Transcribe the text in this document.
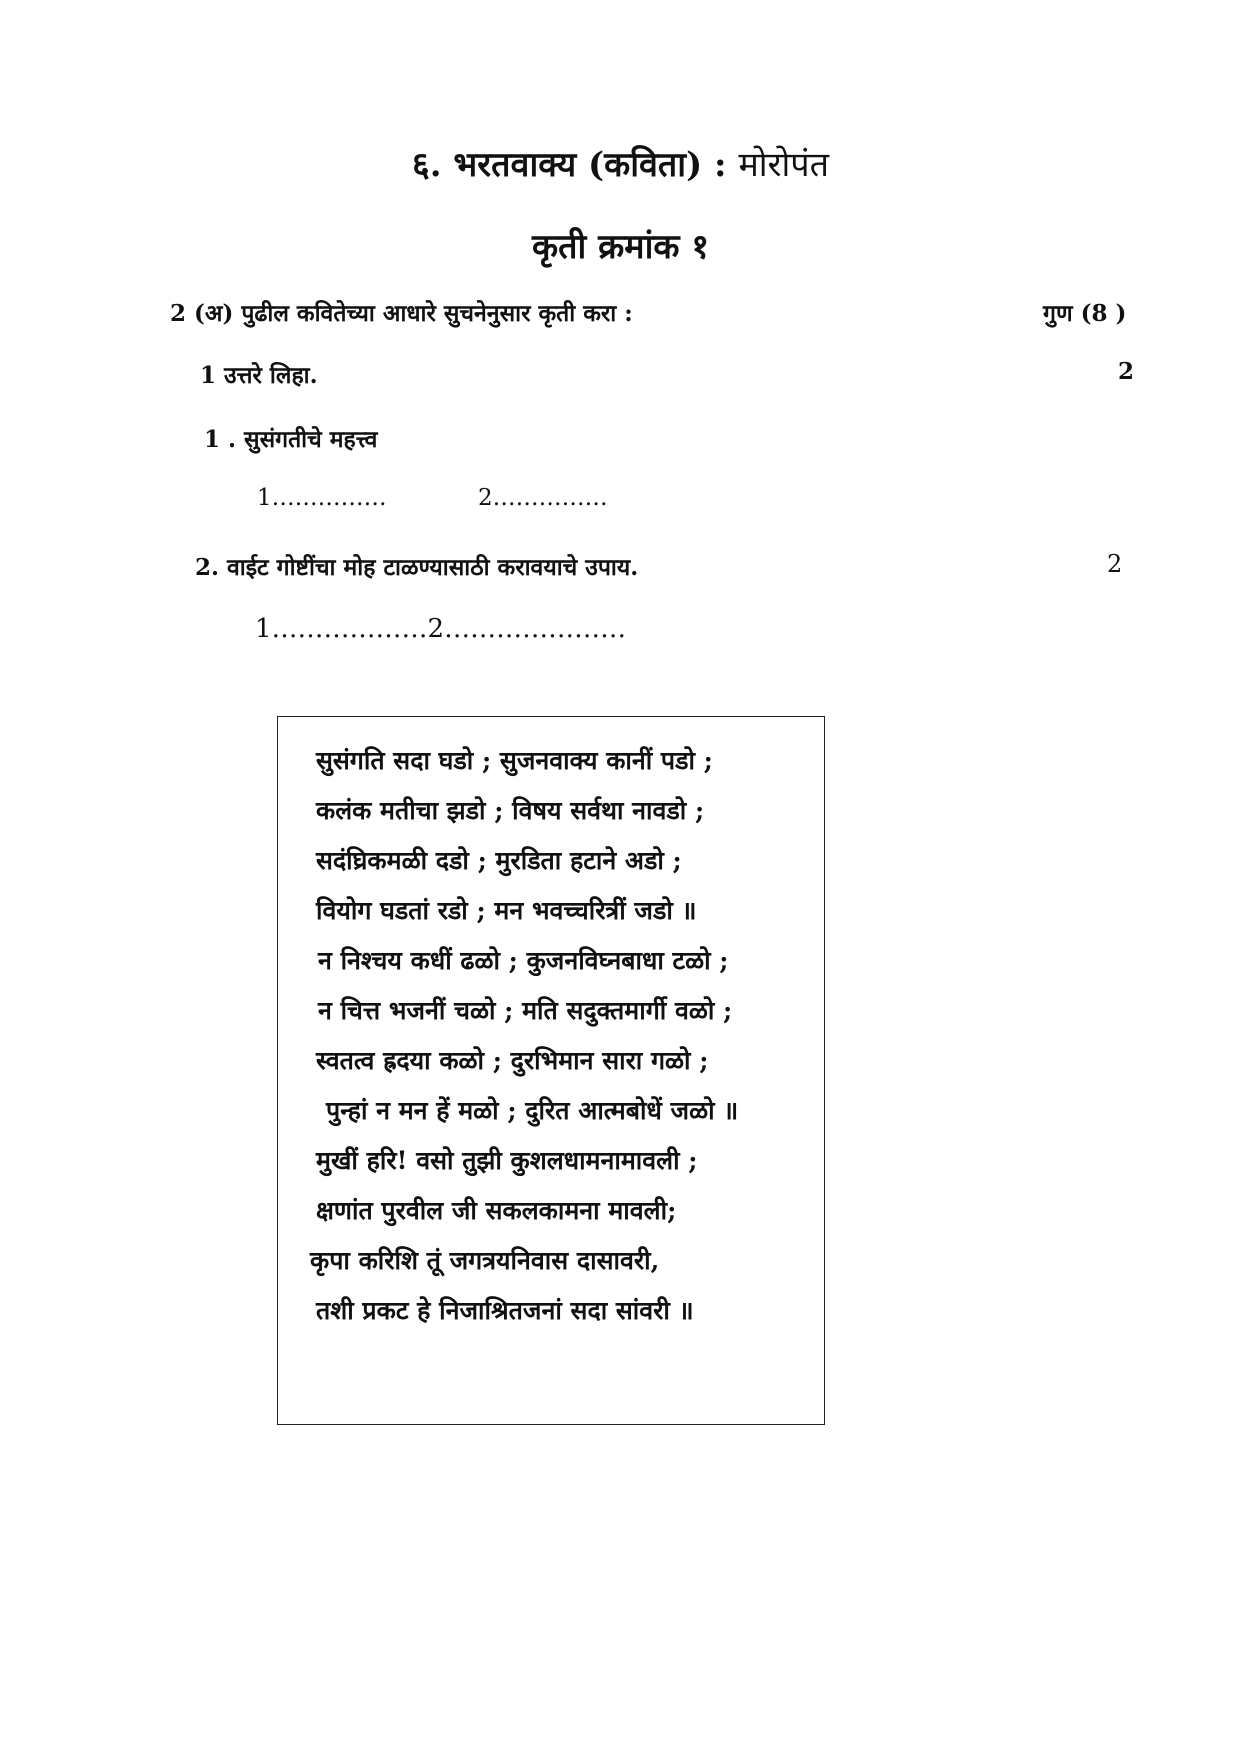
६. भरतवाक्य (कविता) : मोरोपंत
कृती क्रमांक १
2 (अ) पुढील कवितेच्या आधारे सुचनेनुसार कृती करा :	गुण (8 )
1 उत्तरे लिहा.	2
1 . सुसंगतीचे महत्त्व
1……………	2……………
2. वाईट गोष्टींचा मोह टाळण्यासाठी करावयाचे उपाय.	2
1………………2…………………
सुसंगति सदा घडो ; सुजनवाक्य कानीं पडो ;
कलंक मतीचा झडो ; विषय सर्वथा नावडो ;
सदंघ्रिकमळी दडो ; मुरडिता हटाने अडो ;
वियोग घडतां रडो ; मन भवच्चरित्रीं जडो ॥
न निश्चय कधीं ढळो ; कुजनविघ्नबाधा टळो ;
न चित्त भजनीं चळो ; मति सदुक्तमार्गी वळो ;
स्वतत्व ह्रदया कळो ; दुरभिमान सारा गळो ;
पुन्हां न मन हें मळो ; दुरित आत्मबोधें जळो ॥
मुखीं हरि! वसो तुझी कुशलधामनामावली ;
क्षणांत पुरवील जी सकलकामना मावली;
कृपा करिशि तूं जगत्रयनिवास दासावरी,
तशी प्रकट हे निजाश्रितजनां सदा सांवरी ॥
